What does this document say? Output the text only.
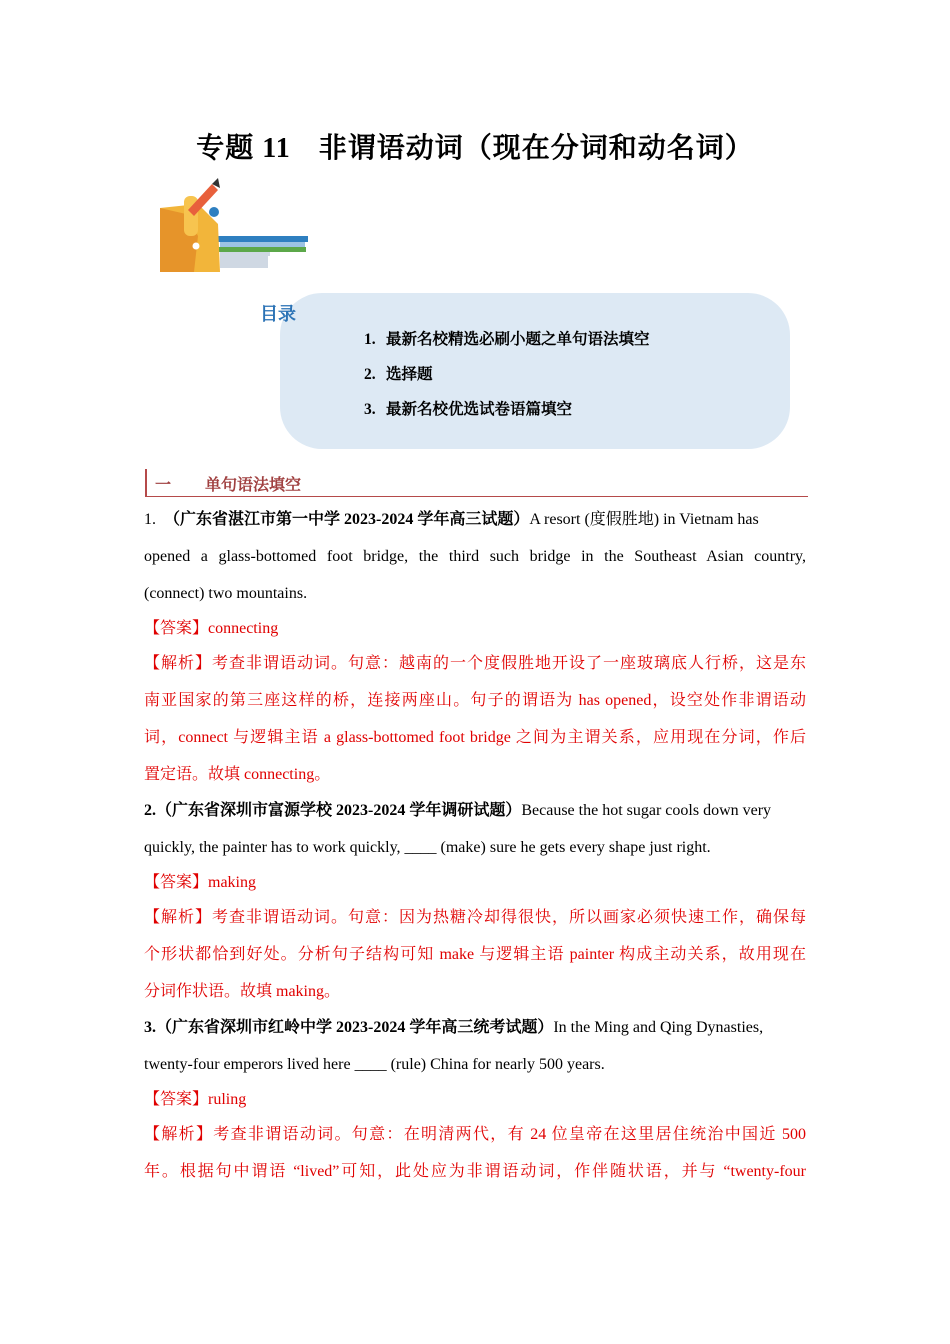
专题 11 非谓语动词（现在分词和动名词）
目录
1. 最新名校精选必刷小题之单句语法填空
2. 选择题
3. 最新名校优选试卷语篇填空
一 单句语法填空
1. （广东省湛江市第一中学 2023-2024 学年高三试题）A resort (度假胜地) in Vietnam has
opened a glass-bottomed foot bridge, the third such bridge in the Southeast Asian country,
(connect) two mountains.
【答案】connecting
【解析】考查非谓语动词。句意：越南的一个度假胜地开设了一座玻璃底人行桥，这是东
南亚国家的第三座这样的桥，连接两座山。句子的谓语为 has opened，设空处作非谓语动
词，connect 与逻辑主语 a glass-bottomed foot bridge 之间为主谓关系，应用现在分词，作后
置定语。故填 connecting。
2.（广东省深圳市富源学校 2023-2024 学年调研试题）Because the hot sugar cools down very
quickly, the painter has to work quickly, ____ (make) sure he gets every shape just right.
【答案】making
【解析】考查非谓语动词。句意：因为热糖冷却得很快，所以画家必须快速工作，确保每
个形状都恰到好处。分析句子结构可知 make 与逻辑主语 painter 构成主动关系，故用现在
分词作状语。故填 making。
3.（广东省深圳市红岭中学 2023-2024 学年高三统考试题）In the Ming and Qing Dynasties,
twenty-four emperors lived here ____ (rule) China for nearly 500 years.
【答案】ruling
【解析】考查非谓语动词。句意：在明清两代，有 24 位皇帝在这里居住统治中国近 500
年。根据句中谓语 “lived”可知，此处应为非谓语动词，作伴随状语，并与 “twenty-four
